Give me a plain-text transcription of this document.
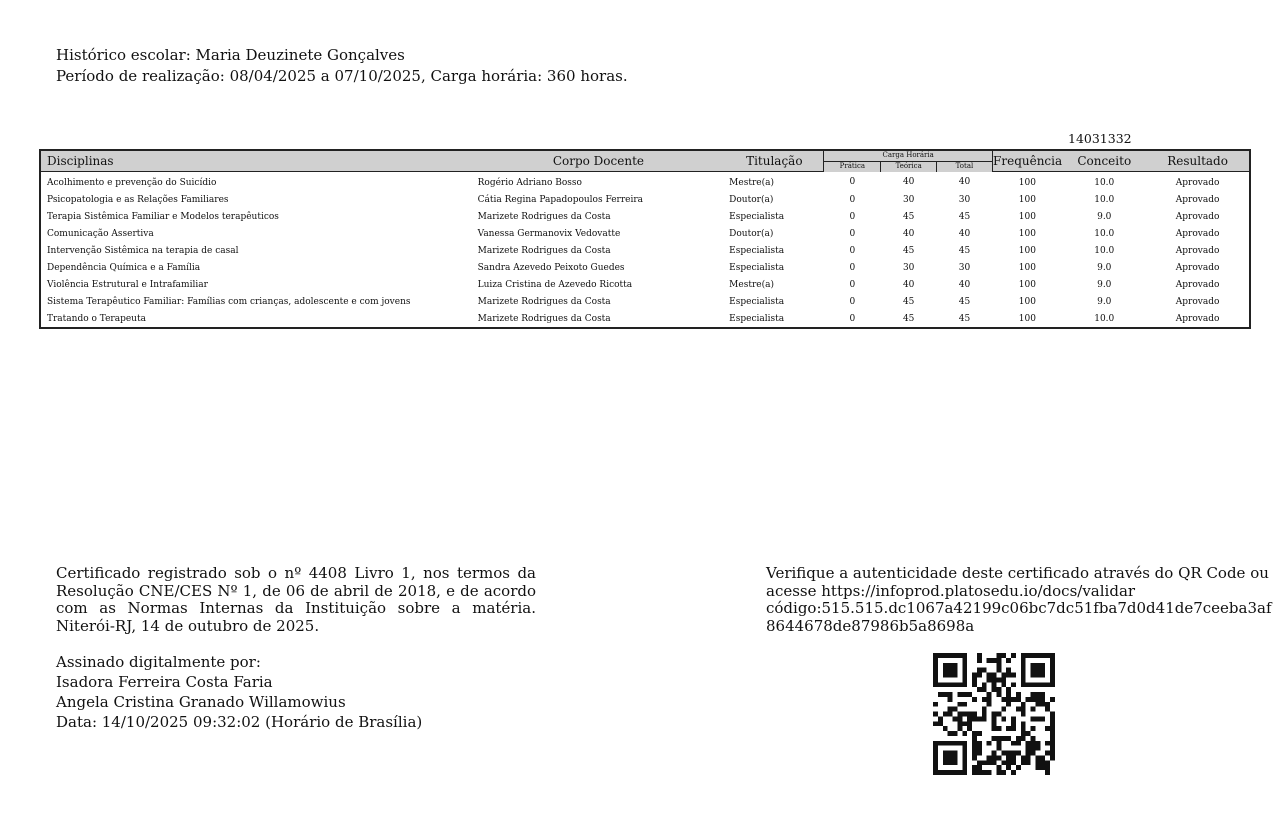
Histórico escolar: Maria Deuzinete Gonçalves
Período de realização: 08/04/2025 a 07/10/2025, Carga horária: 360 horas.
14031332
Disciplinas	Corpo Docente	Titulação	Carga Horária			Frequência	Conceito	Resultado
			Prática	Teórica	Total			
Acolhimento e prevenção do Suicídio	Rogério Adriano Bosso	Mestre(a)	0	40	40	100	10.0	Aprovado
Psicopatologia e as Relações Familiares	Cátia Regina Papadopoulos Ferreira	Doutor(a)	0	30	30	100	10.0	Aprovado
Terapia Sistêmica Familiar e Modelos terapêuticos	Marizete Rodrigues da Costa	Especialista	0	45	45	100	9.0	Aprovado
Comunicação Assertiva	Vanessa Germanovix Vedovatte	Doutor(a)	0	40	40	100	10.0	Aprovado
Intervenção Sistêmica na terapia de casal	Marizete Rodrigues da Costa	Especialista	0	45	45	100	10.0	Aprovado
Dependência Química e a Família	Sandra Azevedo Peixoto Guedes	Especialista	0	30	30	100	9.0	Aprovado
Violência Estrutural e Intrafamiliar	Luiza Cristina de Azevedo Ricotta	Mestre(a)	0	40	40	100	9.0	Aprovado
Sistema Terapêutico Familiar: Famílias com crianças, adolescente e com jovens	Marizete Rodrigues da Costa	Especialista	0	45	45	100	9.0	Aprovado
Tratando o Terapeuta	Marizete Rodrigues da Costa	Especialista	0	45	45	100	10.0	Aprovado
Certificado registrado sob o nº 4408 Livro 1, nos termos da Resolução CNE/CES Nº 1, de 06 de abril de 2018, e de acordo com as Normas Internas da Instituição sobre a matéria. Niterói-RJ, 14 de outubro de 2025.
Assinado digitalmente por:
Isadora Ferreira Costa Faria
Angela Cristina Granado Willamowius
Data: 14/10/2025 09:32:02 (Horário de Brasília)
Verifique a autenticidade deste certificado através do QR Code ou
acesse https://infoprod.platosedu.io/docs/validar
código:515.515.dc1067a42199c06bc7dc51fba7d0d41de7ceeba3af
8644678de87986b5a8698a
